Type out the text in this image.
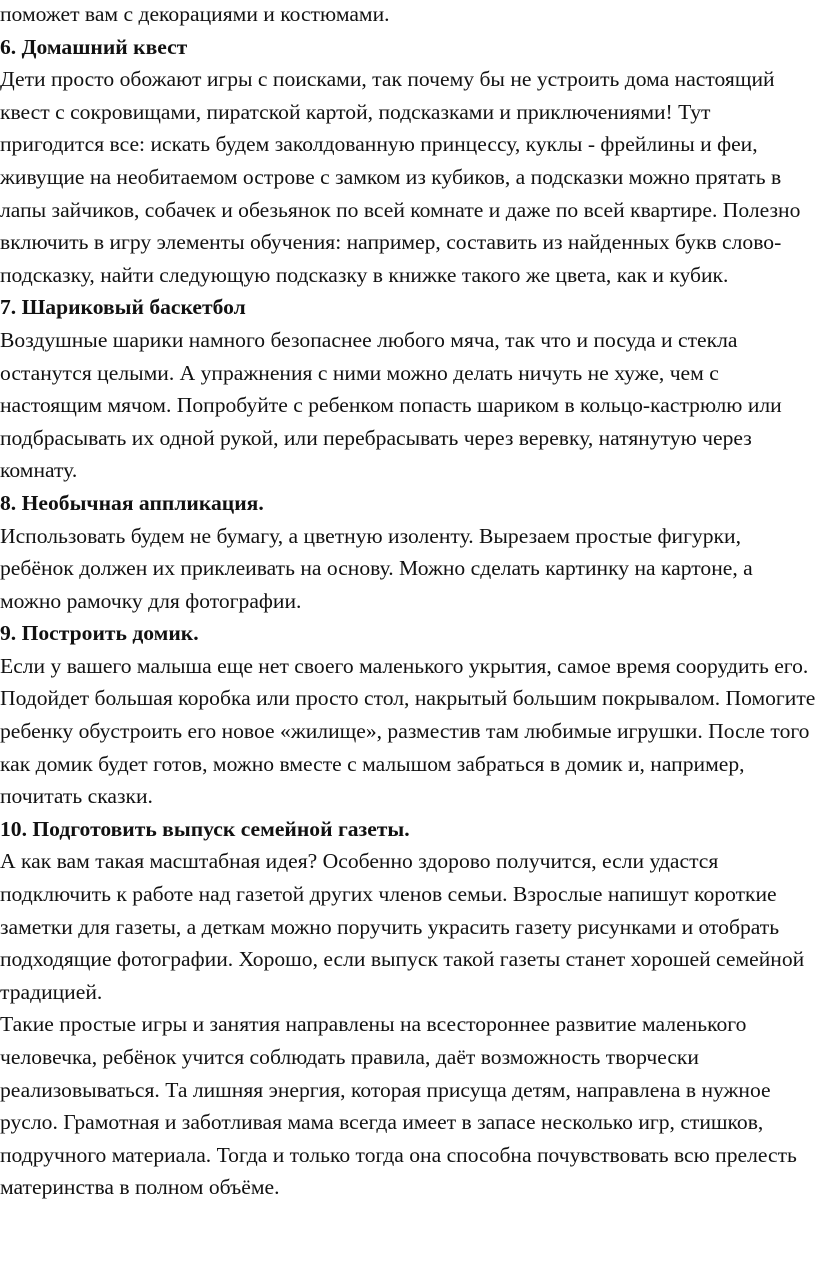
поможет вам с декорациями и костюмами.

6. Домашний квест

Дети просто обожают игры с поисками, так почему бы не устроить дома настоящий квест с сокровищами, пиратской картой, подсказками и приключениями! Тут пригодится все: искать будем заколдованную принцессу, куклы - фрейлины и феи, живущие на необитаемом острове с замком из кубиков, а подсказки можно прятать в лапы зайчиков, собачек и обезьянок по всей комнате и даже по всей квартире. Полезно включить в игру элементы обучения: например, составить из найденных букв слово-подсказку, найти следующую подсказку в книжке такого же цвета, как и кубик.

7. Шариковый баскетбол

Воздушные шарики намного безопаснее любого мяча, так что и посуда и стекла останутся целыми. А упражнения с ними можно делать ничуть не хуже, чем с настоящим мячом. Попробуйте с ребенком попасть шариком в кольцо-кастрюлю или подбрасывать их одной рукой, или перебрасывать через веревку, натянутую через комнату.

8. Необычная аппликация.

Использовать будем не бумагу, а цветную изоленту. Вырезаем простые фигурки, ребёнок должен их приклеивать на основу. Можно сделать картинку на картоне, а можно рамочку для фотографии.

9. Построить домик.

Если у вашего малыша еще нет своего маленького укрытия, самое время соорудить его. Подойдет большая коробка или просто стол, накрытый большим покрывалом. Помогите ребенку обустроить его новое «жилище», разместив там любимые игрушки. После того как домик будет готов, можно вместе с малышом забраться в домик и, например, почитать сказки.

10. Подготовить выпуск семейной газеты.

А как вам такая масштабная идея? Особенно здорово получится, если удастся подключить к работе над газетой других членов семьи. Взрослые напишут короткие заметки для газеты, а деткам можно поручить украсить газету рисунками и отобрать подходящие фотографии. Хорошо, если выпуск такой газеты станет хорошей семейной традицией.

Такие простые игры и занятия направлены на всестороннее развитие маленького человечка, ребёнок учится соблюдать правила, даёт возможность творчески реализовываться. Та лишняя энергия, которая присуща детям, направлена в нужное русло. Грамотная и заботливая мама всегда имеет в запасе несколько игр, стишков, подручного материала. Тогда и только тогда она способна почувствовать всю прелесть материнства в полном объёме.
